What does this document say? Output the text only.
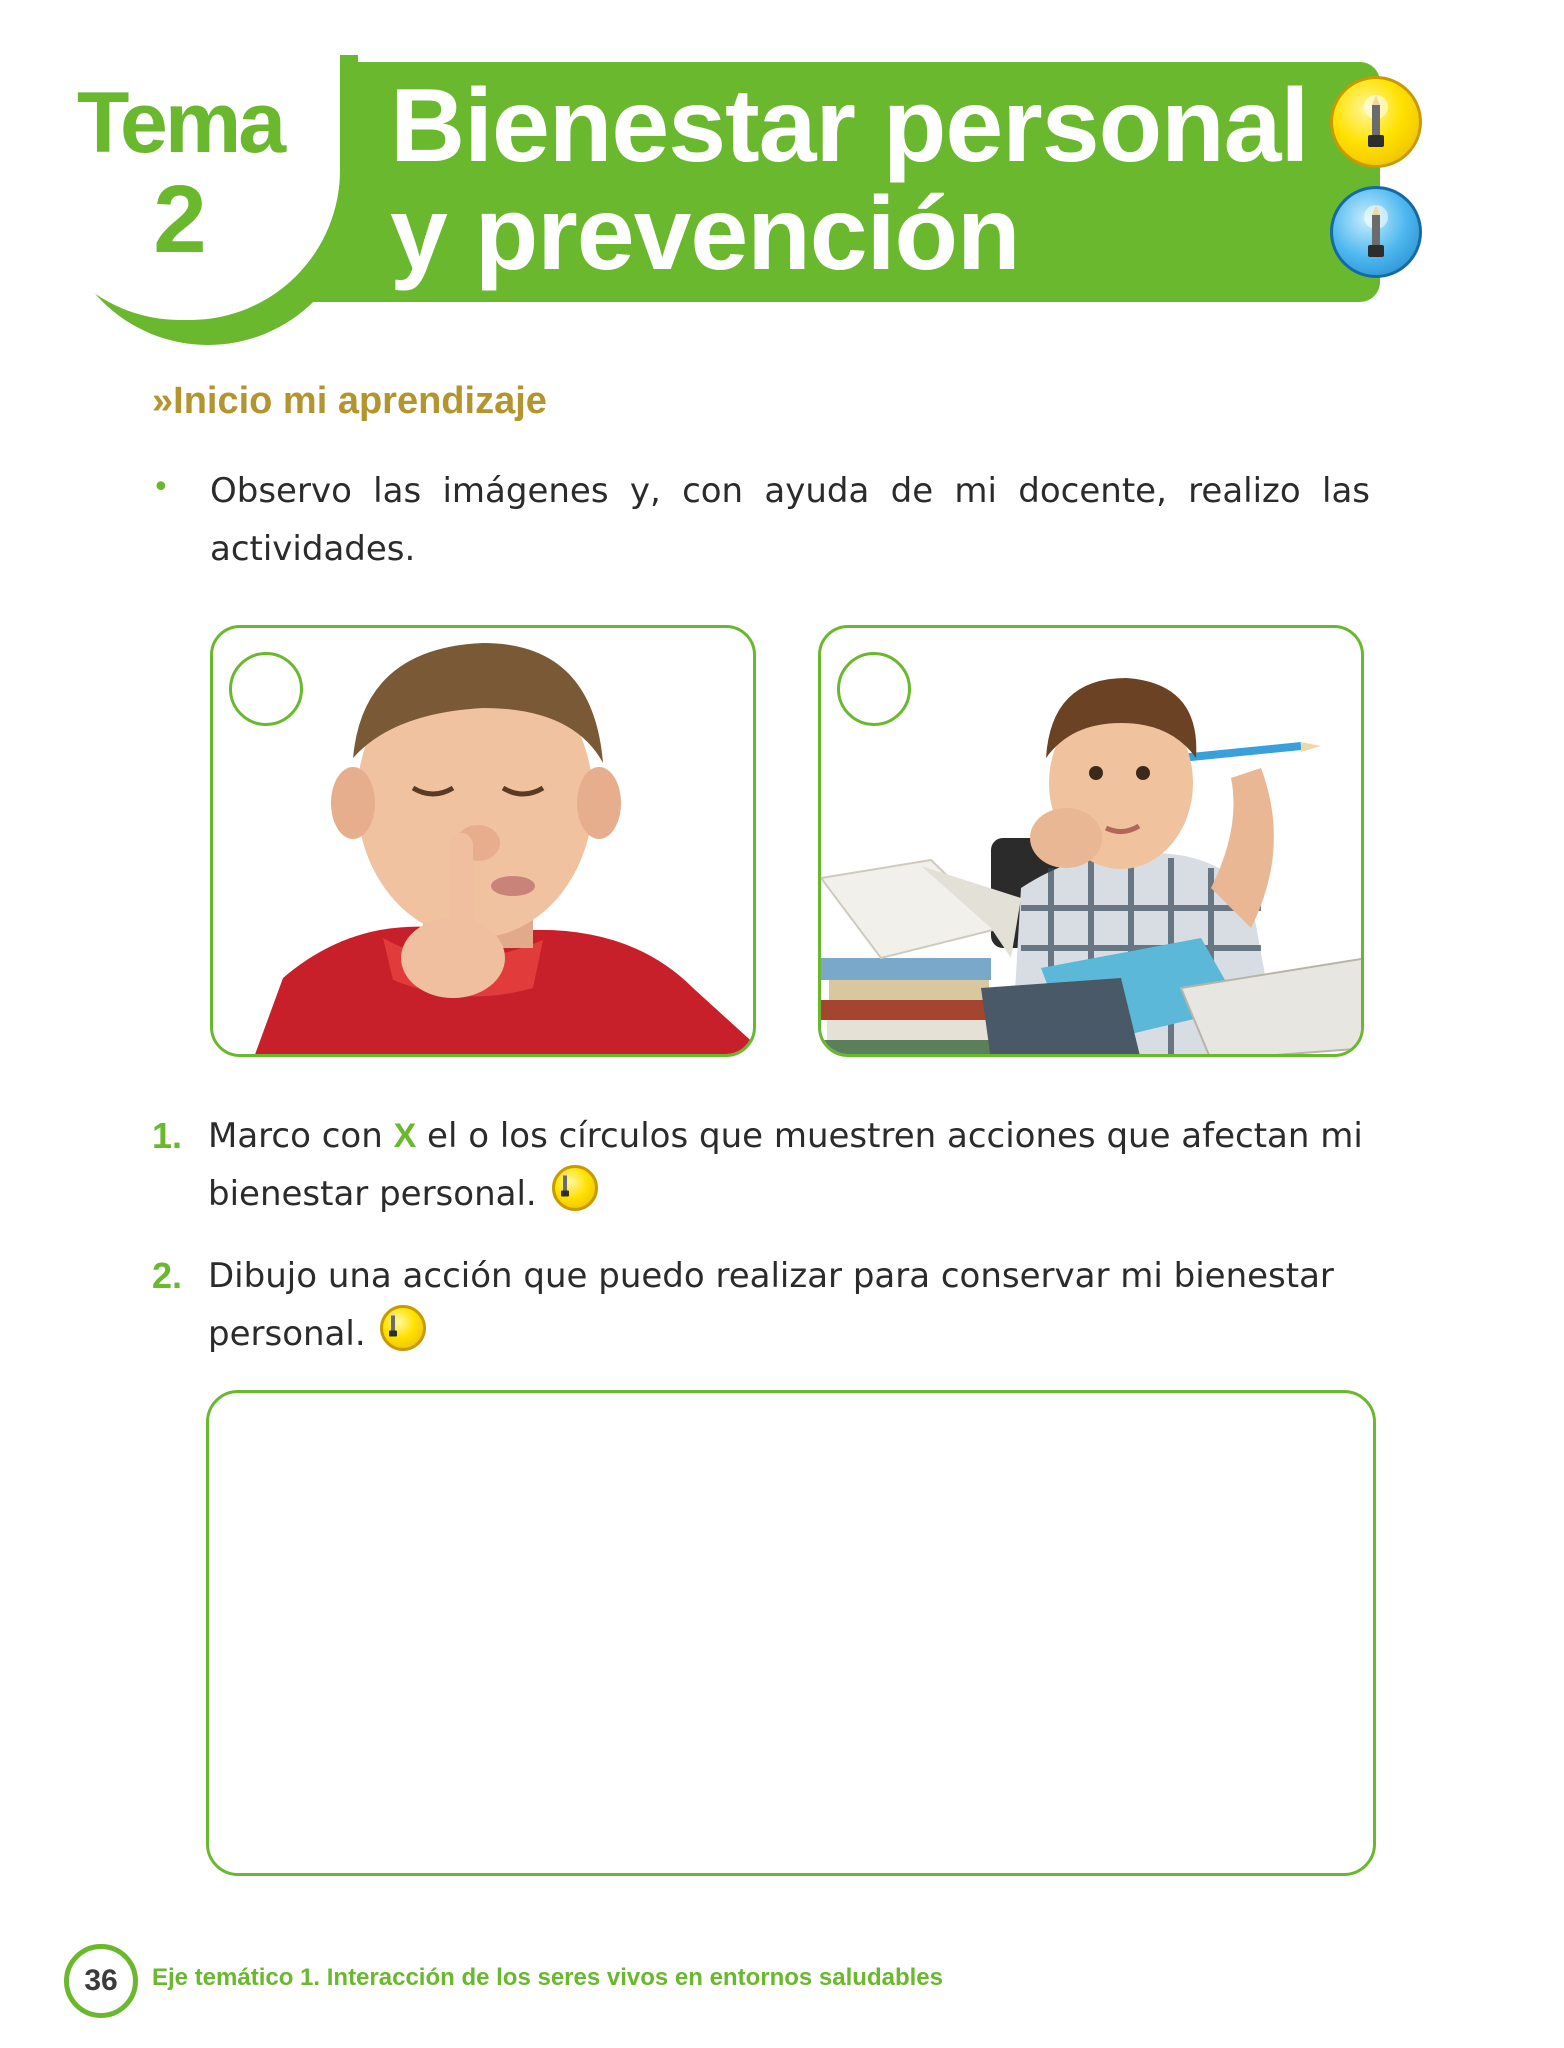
Tema
2
Bienestar personal
y prevención
»Inicio mi aprendizaje
• Observo las imágenes y, con ayuda de mi docente, realizo las actividades.
1. Marco con X el o los círculos que muestren acciones que afectan mi bienestar personal.
2. Dibujo una acción que puedo realizar para conservar mi bienestar personal.
36	Eje temático 1. Interacción de los seres vivos en entornos saludables
